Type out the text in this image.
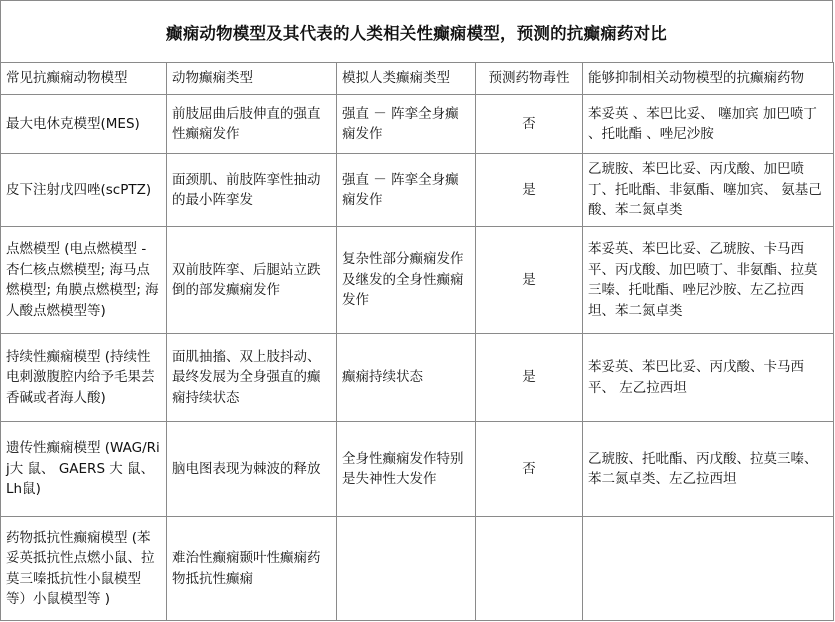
癫痫动物模型及其代表的人类相关性癫痫模型，预测的抗癫痫药对比
常见抗癫痫动物模型	动物癫痫类型	模拟人类癫痫类型	预测药物毒性	能够抑制相关动物模型的抗癫痫药物
最大电休克模型(MES)	前肢屈曲后肢伸直的强直性癫痫发作	强直 － 阵挛全身癫痫发作	否	苯妥英 、苯巴比妥、 噻加宾 加巴喷丁 、托吡酯 、唑尼沙胺
皮下注射戊四唑(scPTZ)	面颈肌、前肢阵挛性抽动的最小阵挛发	强直 － 阵挛全身癫痫发作	是	乙琥胺、苯巴比妥、丙戊酸、加巴喷丁、托吡酯、非氨酯、噻加宾、 氨基己酸、苯二氮卓类
点燃模型 (电点燃模型 - 杏仁核点燃模型; 海马点燃模型; 角膜点燃模型; 海人酸点燃模型等)	双前肢阵挛、后腿站立跌倒的部发癫痫发作	复杂性部分癫痫发作及继发的全身性癫痫发作	是	苯妥英、苯巴比妥、乙琥胺、卡马西平、丙戊酸、加巴喷丁、非氨酯、拉莫三嗪、托吡酯、唑尼沙胺、左乙拉西坦、苯二氮卓类
持续性癫痫模型 (持续性电刺激腹腔内给予毛果芸香碱或者海人酸)	面肌抽搐、双上肢抖动、最终发展为全身强直的癫痫持续状态	癫痫持续状态	是	苯妥英、苯巴比妥、丙戊酸、卡马西平、 左乙拉西坦
遗传性癫痫模型 (WAG/Rij大 鼠、 GAERS 大 鼠、 Lh鼠)	脑电图表现为棘波的释放	全身性癫痫发作特别是失神性大发作	否	乙琥胺、托吡酯、丙戊酸、拉莫三嗪、苯二氮卓类、左乙拉西坦
药物抵抗性癫痫模型 (苯妥英抵抗性点燃小鼠、拉莫三嗪抵抗性小鼠模型等）小鼠模型等 )	难治性癫痫颞叶性癫痫药物抵抗性癫痫			
